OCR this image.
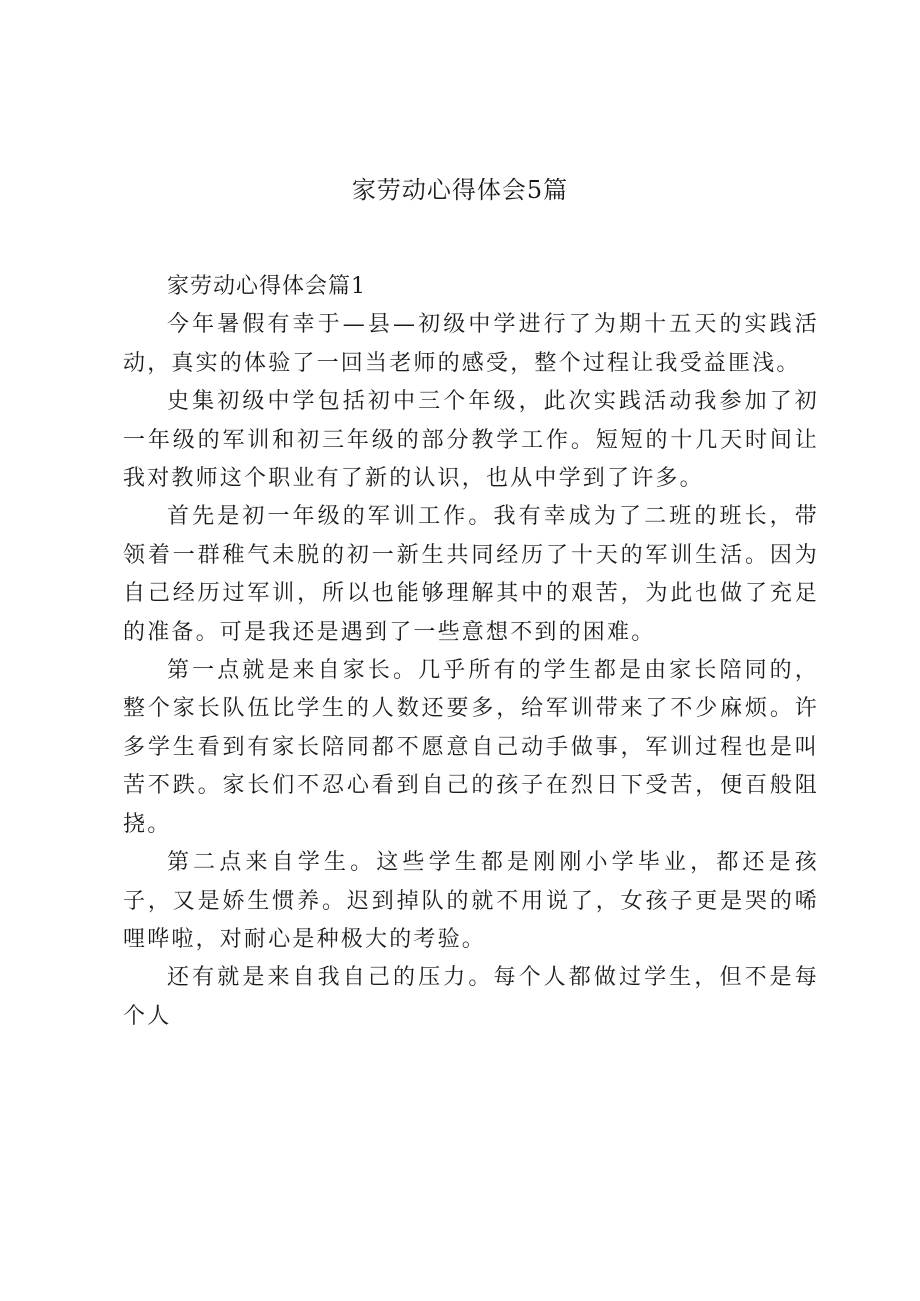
家劳动心得体会5篇

家劳动心得体会篇1

今年暑假有幸于—县—初级中学进行了为期十五天的实践活动，真实的体验了一回当老师的感受，整个过程让我受益匪浅。

史集初级中学包括初中三个年级，此次实践活动我参加了初一年级的军训和初三年级的部分教学工作。短短的十几天时间让我对教师这个职业有了新的认识，也从中学到了许多。

首先是初一年级的军训工作。我有幸成为了二班的班长，带领着一群稚气未脱的初一新生共同经历了十天的军训生活。因为自己经历过军训，所以也能够理解其中的艰苦，为此也做了充足的准备。可是我还是遇到了一些意想不到的困难。

第一点就是来自家长。几乎所有的学生都是由家长陪同的，整个家长队伍比学生的人数还要多，给军训带来了不少麻烦。许多学生看到有家长陪同都不愿意自己动手做事，军训过程也是叫苦不跌。家长们不忍心看到自己的孩子在烈日下受苦，便百般阻挠。

第二点来自学生。这些学生都是刚刚小学毕业，都还是孩子，又是娇生惯养。迟到掉队的就不用说了，女孩子更是哭的唏哩哗啦，对耐心是种极大的考验。

还有就是来自我自己的压力。每个人都做过学生，但不是每个人
